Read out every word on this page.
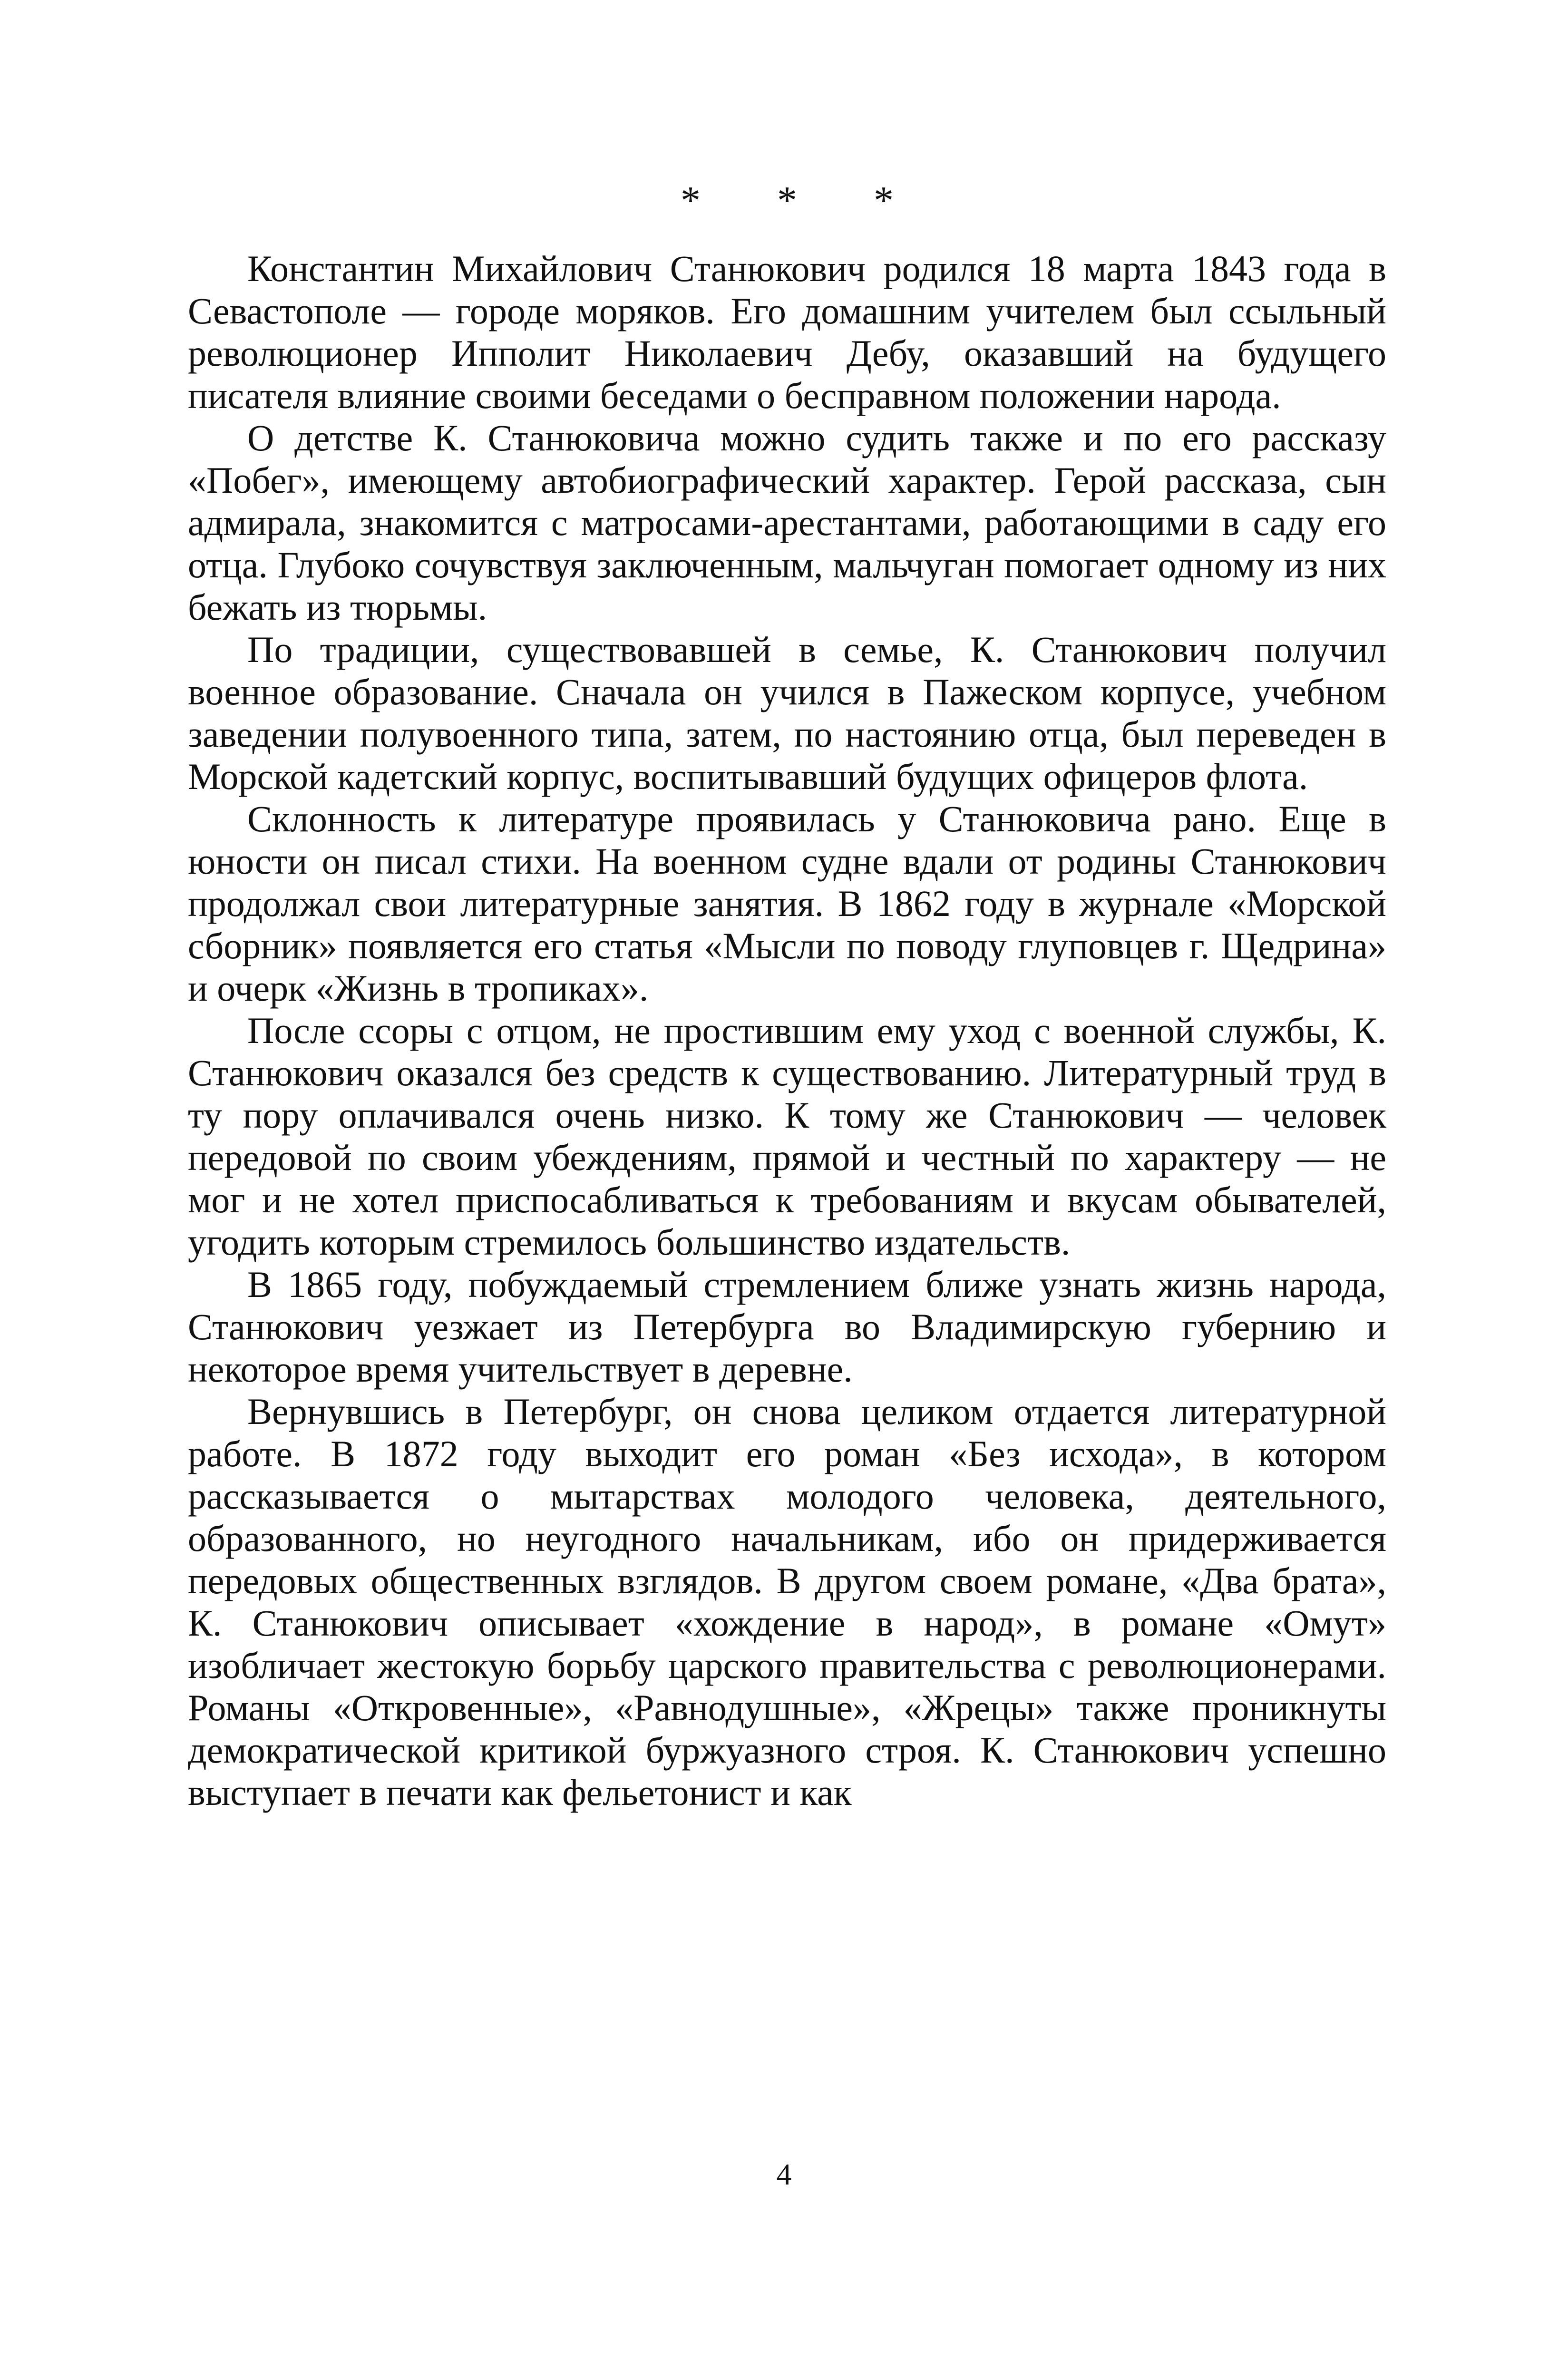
* * *

Константин Михайлович Станюкович родился 18 марта 1843 года в Севастополе — городе моряков. Его домашним учителем был ссыльный революционер Ипполит Николаевич Дебу, оказавший на будущего писателя влияние своими беседами о бесправном положении народа.

О детстве К. Станюковича можно судить также и по его рассказу «Побег», имеющему автобиографический характер. Герой рассказа, сын адмирала, знакомится с матросами-арестантами, работающими в саду его отца. Глубоко сочувствуя заключенным, мальчуган помогает одному из них бежать из тюрьмы.

По традиции, существовавшей в семье, К. Станюкович получил военное образование. Сначала он учился в Пажеском корпусе, учебном заведении полувоенного типа, затем, по настоянию отца, был переведен в Морской кадетский корпус, воспитывавший будущих офицеров флота.

Склонность к литературе проявилась у Станюковича рано. Еще в юности он писал стихи. На военном судне вдали от родины Станюкович продолжал свои литературные занятия. В 1862 году в журнале «Морской сборник» появляется его статья «Мысли по поводу глуповцев г. Щедрина» и очерк «Жизнь в тропиках».

После ссоры с отцом, не простившим ему уход с военной службы, К. Станюкович оказался без средств к существованию. Литературный труд в ту пору оплачивался очень низко. К тому же Станюкович — человек передовой по своим убеждениям, прямой и честный по характеру — не мог и не хотел приспосабливаться к требованиям и вкусам обывателей, угодить которым стремилось большинство издательств.

В 1865 году, побуждаемый стремлением ближе узнать жизнь народа, Станюкович уезжает из Петербурга во Владимирскую губернию и некоторое время учительствует в деревне.

Вернувшись в Петербург, он снова целиком отдается литературной работе. В 1872 году выходит его роман «Без исхода», в котором рассказывается о мытарствах молодого человека, деятельного, образованного, но неугодного начальникам, ибо он придерживается передовых общественных взглядов. В другом своем романе, «Два брата», К. Станюкович описывает «хождение в народ», в романе «Омут» изобличает жестокую борьбу царского правительства с революционерами. Романы «Откровенные», «Равнодушные», «Жрецы» также проникнуты демократической критикой буржуазного строя. К. Станюкович успешно выступает в печати как фельетонист и как

4
